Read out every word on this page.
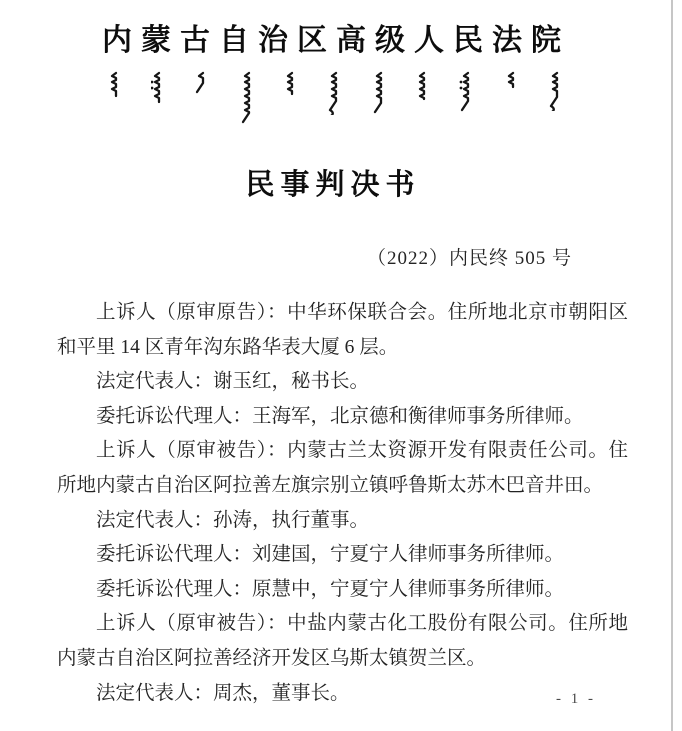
内蒙古自治区高级人民法院
民事判决书
（2022）内民终 505 号

上诉人（原审原告）：中华环保联合会。住所地北京市朝阳区和平里 14 区青年沟东路华表大厦 6 层。

法定代表人：谢玉红，秘书长。

委托诉讼代理人：王海军，北京德和衡律师事务所律师。

上诉人（原审被告）：内蒙古兰太资源开发有限责任公司。住所地内蒙古自治区阿拉善左旗宗别立镇呼鲁斯太苏木巴音井田。

法定代表人：孙涛，执行董事。

委托诉讼代理人：刘建国，宁夏宁人律师事务所律师。

委托诉讼代理人：原慧中，宁夏宁人律师事务所律师。

上诉人（原审被告）：中盐内蒙古化工股份有限公司。住所地内蒙古自治区阿拉善经济开发区乌斯太镇贺兰区。

法定代表人：周杰，董事长。	- 1 -
